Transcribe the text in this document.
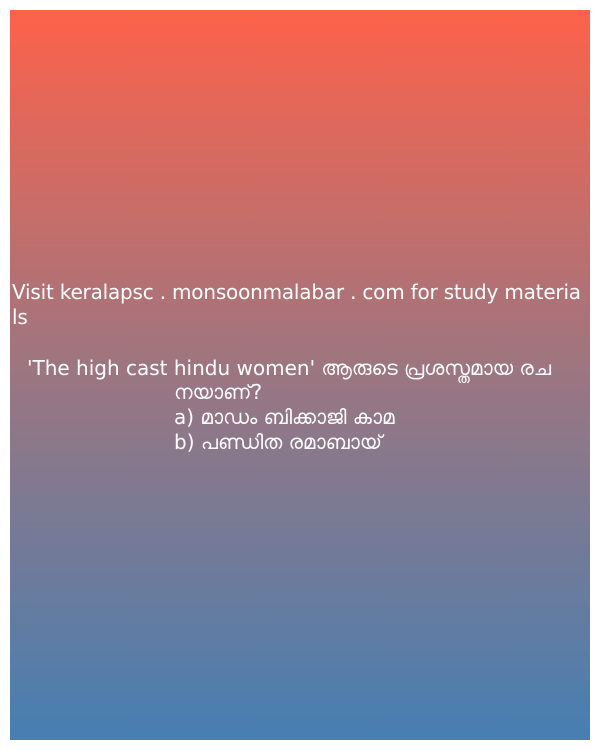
Visit keralapsc . monsoonmalabar . com for study materia ls
'The high cast hindu women' ആരുടെ പ്രശസ്തമായ രച
നയാണ്?
a) മാഡം ബിക്കാജി കാമ
b) പണ്ഡിത രമാബായ്
